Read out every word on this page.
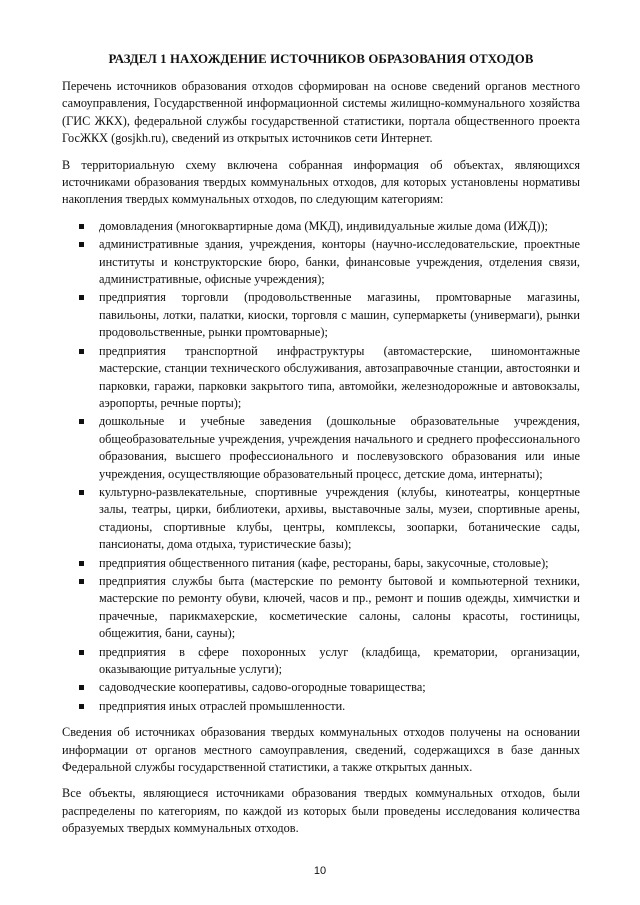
РАЗДЕЛ 1 НАХОЖДЕНИЕ ИСТОЧНИКОВ ОБРАЗОВАНИЯ ОТХОДОВ

Перечень источников образования отходов сформирован на основе сведений органов местного самоуправления, Государственной информационной системы жилищно-коммунального хозяйства (ГИС ЖКХ), федеральной службы государственной статистики, портала общественного проекта ГосЖКХ (gosjkh.ru), сведений из открытых источников сети Интернет.

В территориальную схему включена собранная информация об объектах, являющихся источниками образования твердых коммунальных отходов, для которых установлены нормативы накопления твердых коммунальных отходов, по следующим категориям:

домовладения (многоквартирные дома (МКД), индивидуальные жилые дома (ИЖД));
административные здания, учреждения, конторы (научно-исследовательские, проектные институты и конструкторские бюро, банки, финансовые учреждения, отделения связи, административные, офисные учреждения);
предприятия торговли (продовольственные магазины, промтоварные магазины, павильоны, лотки, палатки, киоски, торговля с машин, супермаркеты (универмаги), рынки продовольственные, рынки промтоварные);
предприятия транспортной инфраструктуры (автомастерские, шиномонтажные мастерские, станции технического обслуживания, автозаправочные станции, автостоянки и парковки, гаражи, парковки закрытого типа, автомойки, железнодорожные и автовокзалы, аэропорты, речные порты);
дошкольные и учебные заведения (дошкольные образовательные учреждения, общеобразовательные учреждения, учреждения начального и среднего профессионального образования, высшего профессионального и послевузовского образования или иные учреждения, осуществляющие образовательный процесс, детские дома, интернаты);
культурно-развлекательные, спортивные учреждения (клубы, кинотеатры, концертные залы, театры, цирки, библиотеки, архивы, выставочные залы, музеи, спортивные арены, стадионы, спортивные клубы, центры, комплексы, зоопарки, ботанические сады, пансионаты, дома отдыха, туристические базы);
предприятия общественного питания (кафе, рестораны, бары, закусочные, столовые);
предприятия службы быта (мастерские по ремонту бытовой и компьютерной техники, мастерские по ремонту обуви, ключей, часов и пр., ремонт и пошив одежды, химчистки и прачечные, парикмахерские, косметические салоны, салоны красоты, гостиницы, общежития, бани, сауны);
предприятия в сфере похоронных услуг (кладбища, крематории, организации, оказывающие ритуальные услуги);
садоводческие кооперативы, садово-огородные товарищества;
предприятия иных отраслей промышленности.

Сведения об источниках образования твердых коммунальных отходов получены на основании информации от органов местного самоуправления, сведений, содержащихся в базе данных Федеральной службы государственной статистики, а также открытых данных.

Все объекты, являющиеся источниками образования твердых коммунальных отходов, были распределены по категориям, по каждой из которых были проведены исследования количества образуемых твердых коммунальных отходов.

10
